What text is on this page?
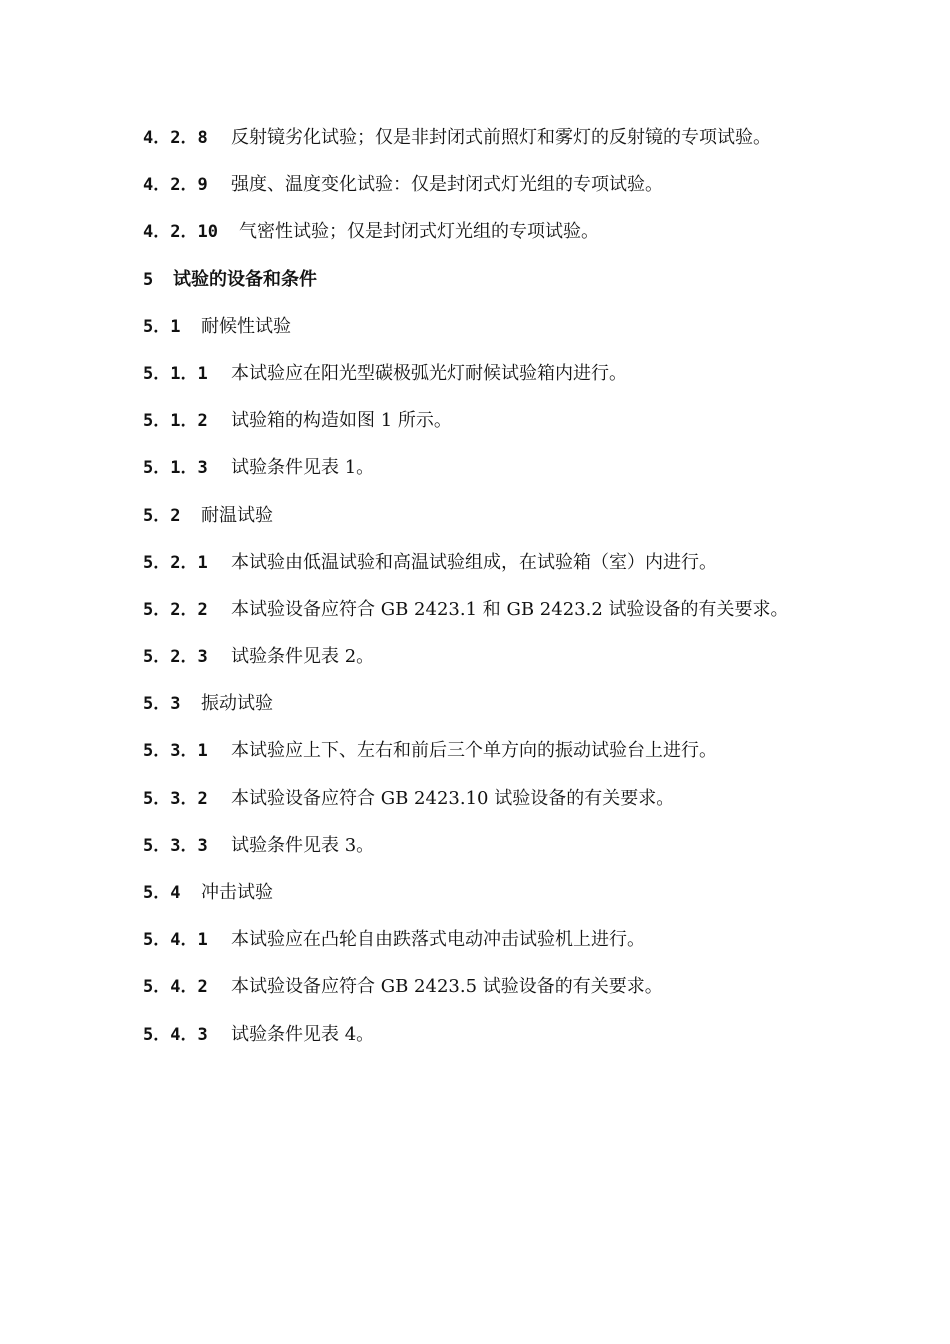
4．2．8	反射镜劣化试验；仅是非封闭式前照灯和雾灯的反射镜的专项试验。
4．2．9	强度、温度变化试验：仅是封闭式灯光组的专项试验。
4．2．10	气密性试验；仅是封闭式灯光组的专项试验。
5	试验的设备和条件
5．1	耐候性试验
5．1．1	本试验应在阳光型碳极弧光灯耐候试验箱内进行。
5．1．2	试验箱的构造如图 1 所示。
5．1．3	试验条件见表 1。
5．2	耐温试验
5．2．1	本试验由低温试验和高温试验组成，在试验箱（室）内进行。
5．2．2	本试验设备应符合 GB 2423.1 和 GB 2423.2 试验设备的有关要求。
5．2．3	试验条件见表 2。
5．3	振动试验
5．3．1	本试验应上下、左右和前后三个单方向的振动试验台上进行。
5．3．2	本试验设备应符合 GB 2423.10 试验设备的有关要求。
5．3．3	试验条件见表 3。
5．4	冲击试验
5．4．1	本试验应在凸轮自由跌落式电动冲击试验机上进行。
5．4．2	本试验设备应符合 GB 2423.5 试验设备的有关要求。
5．4．3	试验条件见表 4。
